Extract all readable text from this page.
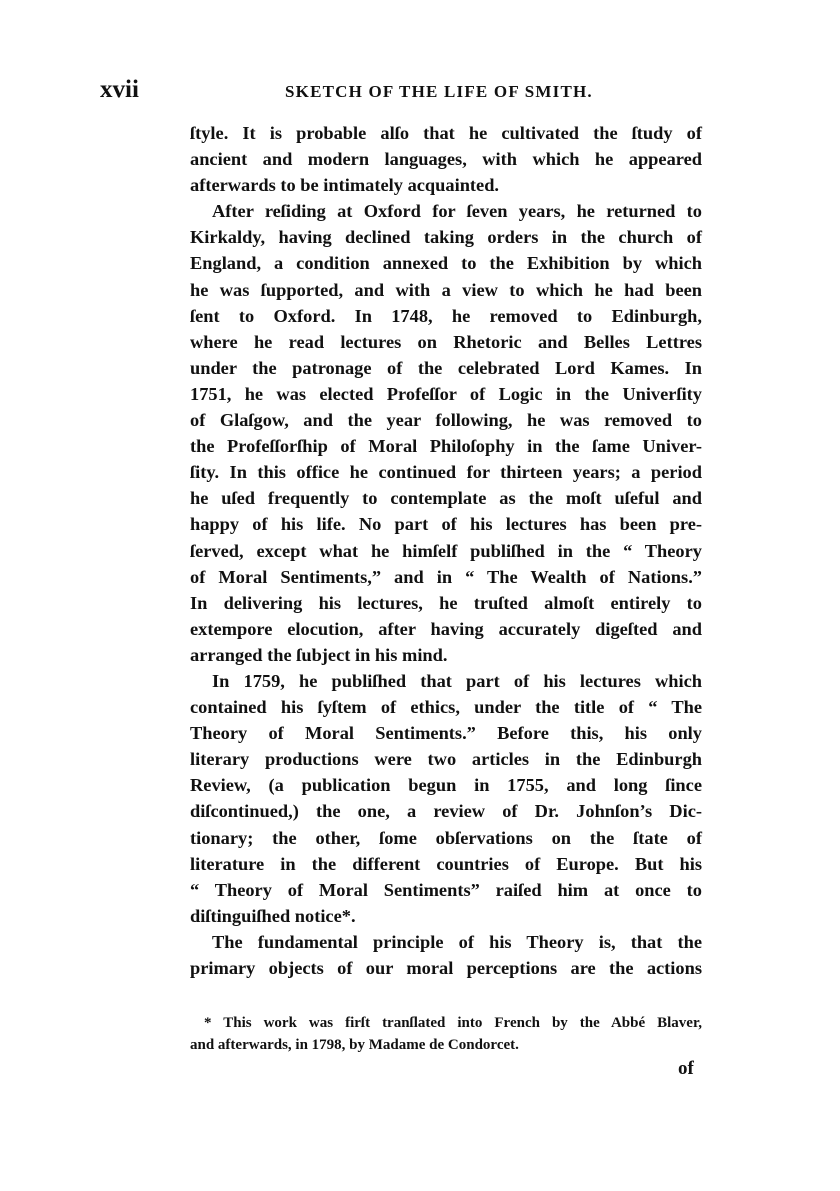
xvii	SKETCH OF THE LIFE OF SMITH.
ſtyle. It is probable alſo that he cultivated the ſtudy of
ancient and modern languages, with which he appeared
afterwards to be intimately acquainted.
After reſiding at Oxford for ſeven years, he returned to
Kirkaldy, having declined taking orders in the church of
England, a condition annexed to the Exhibition by which
he was ſupported, and with a view to which he had been
ſent to Oxford. In 1748, he removed to Edinburgh,
where he read lectures on Rhetoric and Belles Lettres
under the patronage of the celebrated Lord Kames. In
1751, he was elected Profeſſor of Logic in the Univerſity
of Glaſgow, and the year following, he was removed to
the Profeſſorſhip of Moral Philoſophy in the ſame Univer-
ſity. In this office he continued for thirteen years; a period
he uſed frequently to contemplate as the moſt uſeful and
happy of his life. No part of his lectures has been pre-
ſerved, except what he himſelf publiſhed in the “ Theory
of Moral Sentiments,” and in “ The Wealth of Nations.”
In delivering his lectures, he truſted almoſt entirely to
extempore elocution, after having accurately digeſted and
arranged the ſubject in his mind.
In 1759, he publiſhed that part of his lectures which
contained his ſyſtem of ethics, under the title of “ The
Theory of Moral Sentiments.” Before this, his only
literary productions were two articles in the Edinburgh
Review, (a publication begun in 1755, and long ſince
diſcontinued,) the one, a review of Dr. Johnſon’s Dic-
tionary; the other, ſome obſervations on the ſtate of
literature in the different countries of Europe. But his
“ Theory of Moral Sentiments” raiſed him at once to
diſtinguiſhed notice*.
The fundamental principle of his Theory is, that the
primary objects of our moral perceptions are the actions
* This work was firſt tranſlated into French by the Abbé Blaver,
and afterwards, in 1798, by Madame de Condorcet.
of
